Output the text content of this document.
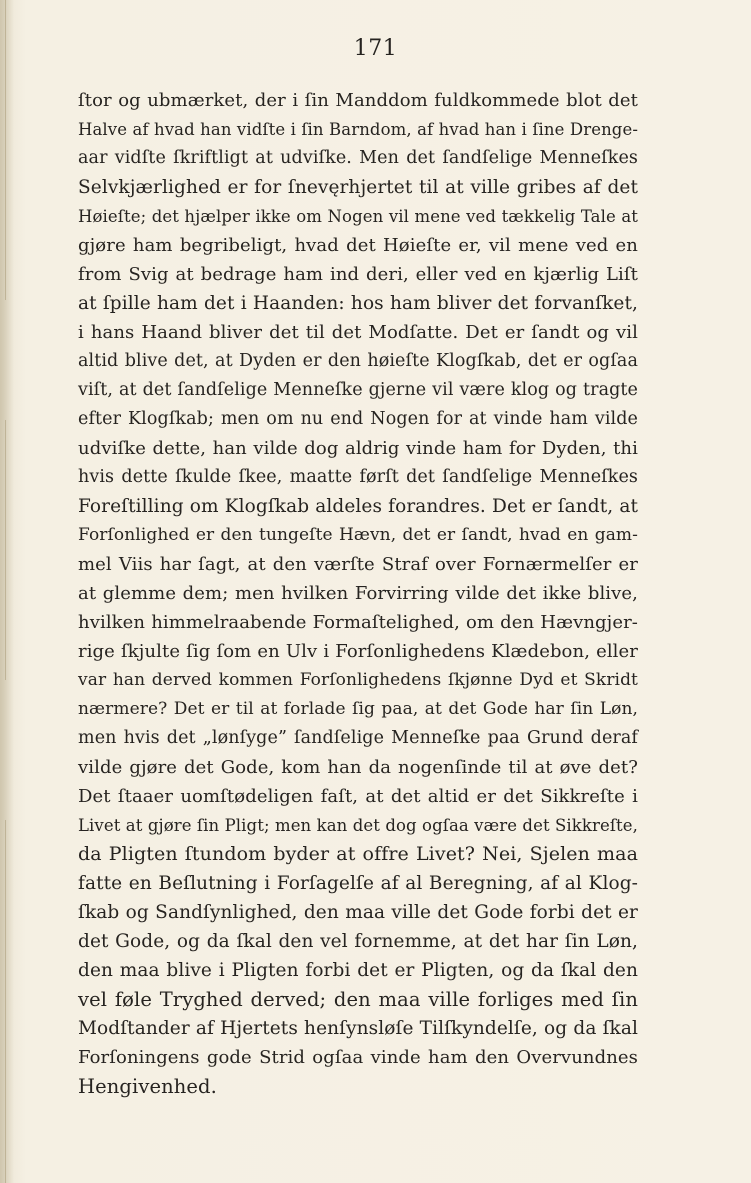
171
ſtor og ubmærket, der i ſin Manddom fuldkommede blot det
Halve af hvad han vidſte i ſin Barndom, af hvad han i ſine Drenge-
aar vidſte ſkriftligt at udviſke. Men det ſandſelige Menneſkes
Selvkjærlighed er for ſnevęrhjertet til at ville gribes af det
Høieſte; det hjælper ikke om Nogen vil mene ved tækkelig Tale at
gjøre ham begribeligt, hvad det Høieſte er, vil mene ved en
from Svig at bedrage ham ind deri, eller ved en kjærlig Liſt
at ſpille ham det i Haanden: hos ham bliver det forvanſket,
i hans Haand bliver det til det Modſatte. Det er ſandt og vil
altid blive det, at Dyden er den høieſte Klogſkab, det er ogſaa
viſt, at det ſandſelige Menneſke gjerne vil være klog og tragte
efter Klogſkab; men om nu end Nogen for at vinde ham vilde
udviſke dette, han vilde dog aldrig vinde ham for Dyden, thi
hvis dette ſkulde ſkee, maatte førſt det ſandſelige Menneſkes
Foreſtilling om Klogſkab aldeles forandres. Det er ſandt, at
Forſonlighed er den tungeſte Hævn, det er ſandt, hvad en gam-
mel Viis har ſagt, at den værſte Straf over Fornærmelſer er
at glemme dem; men hvilken Forvirring vilde det ikke blive,
hvilken himmelraabende Formaſtelighed, om den Hævngjer-
rige ſkjulte ſig ſom en Ulv i Forſonlighedens Klædebon, eller
var han derved kommen Forſonlighedens ſkjønne Dyd et Skridt
nærmere? Det er til at forlade ſig paa, at det Gode har ſin Løn,
men hvis det „lønſyge” ſandſelige Menneſke paa Grund deraf
vilde gjøre det Gode, kom han da nogenſinde til at øve det?
Det ſtaaer uomſtødeligen faſt, at det altid er det Sikkreſte i
Livet at gjøre ſin Pligt; men kan det dog ogſaa være det Sikkreſte,
da Pligten ſtundom byder at offre Livet? Nei, Sjelen maa
fatte en Beſlutning i Forſagelſe af al Beregning, af al Klog-
ſkab og Sandſynlighed, den maa ville det Gode forbi det er
det Gode, og da ſkal den vel fornemme, at det har ſin Løn,
den maa blive i Pligten forbi det er Pligten, og da ſkal den
vel føle Tryghed derved; den maa ville forliges med ſin
Modſtander af Hjertets henſynsløſe Tilſkyndelſe, og da ſkal
Forſoningens gode Strid ogſaa vinde ham den Overvundnes
Hengivenhed.
